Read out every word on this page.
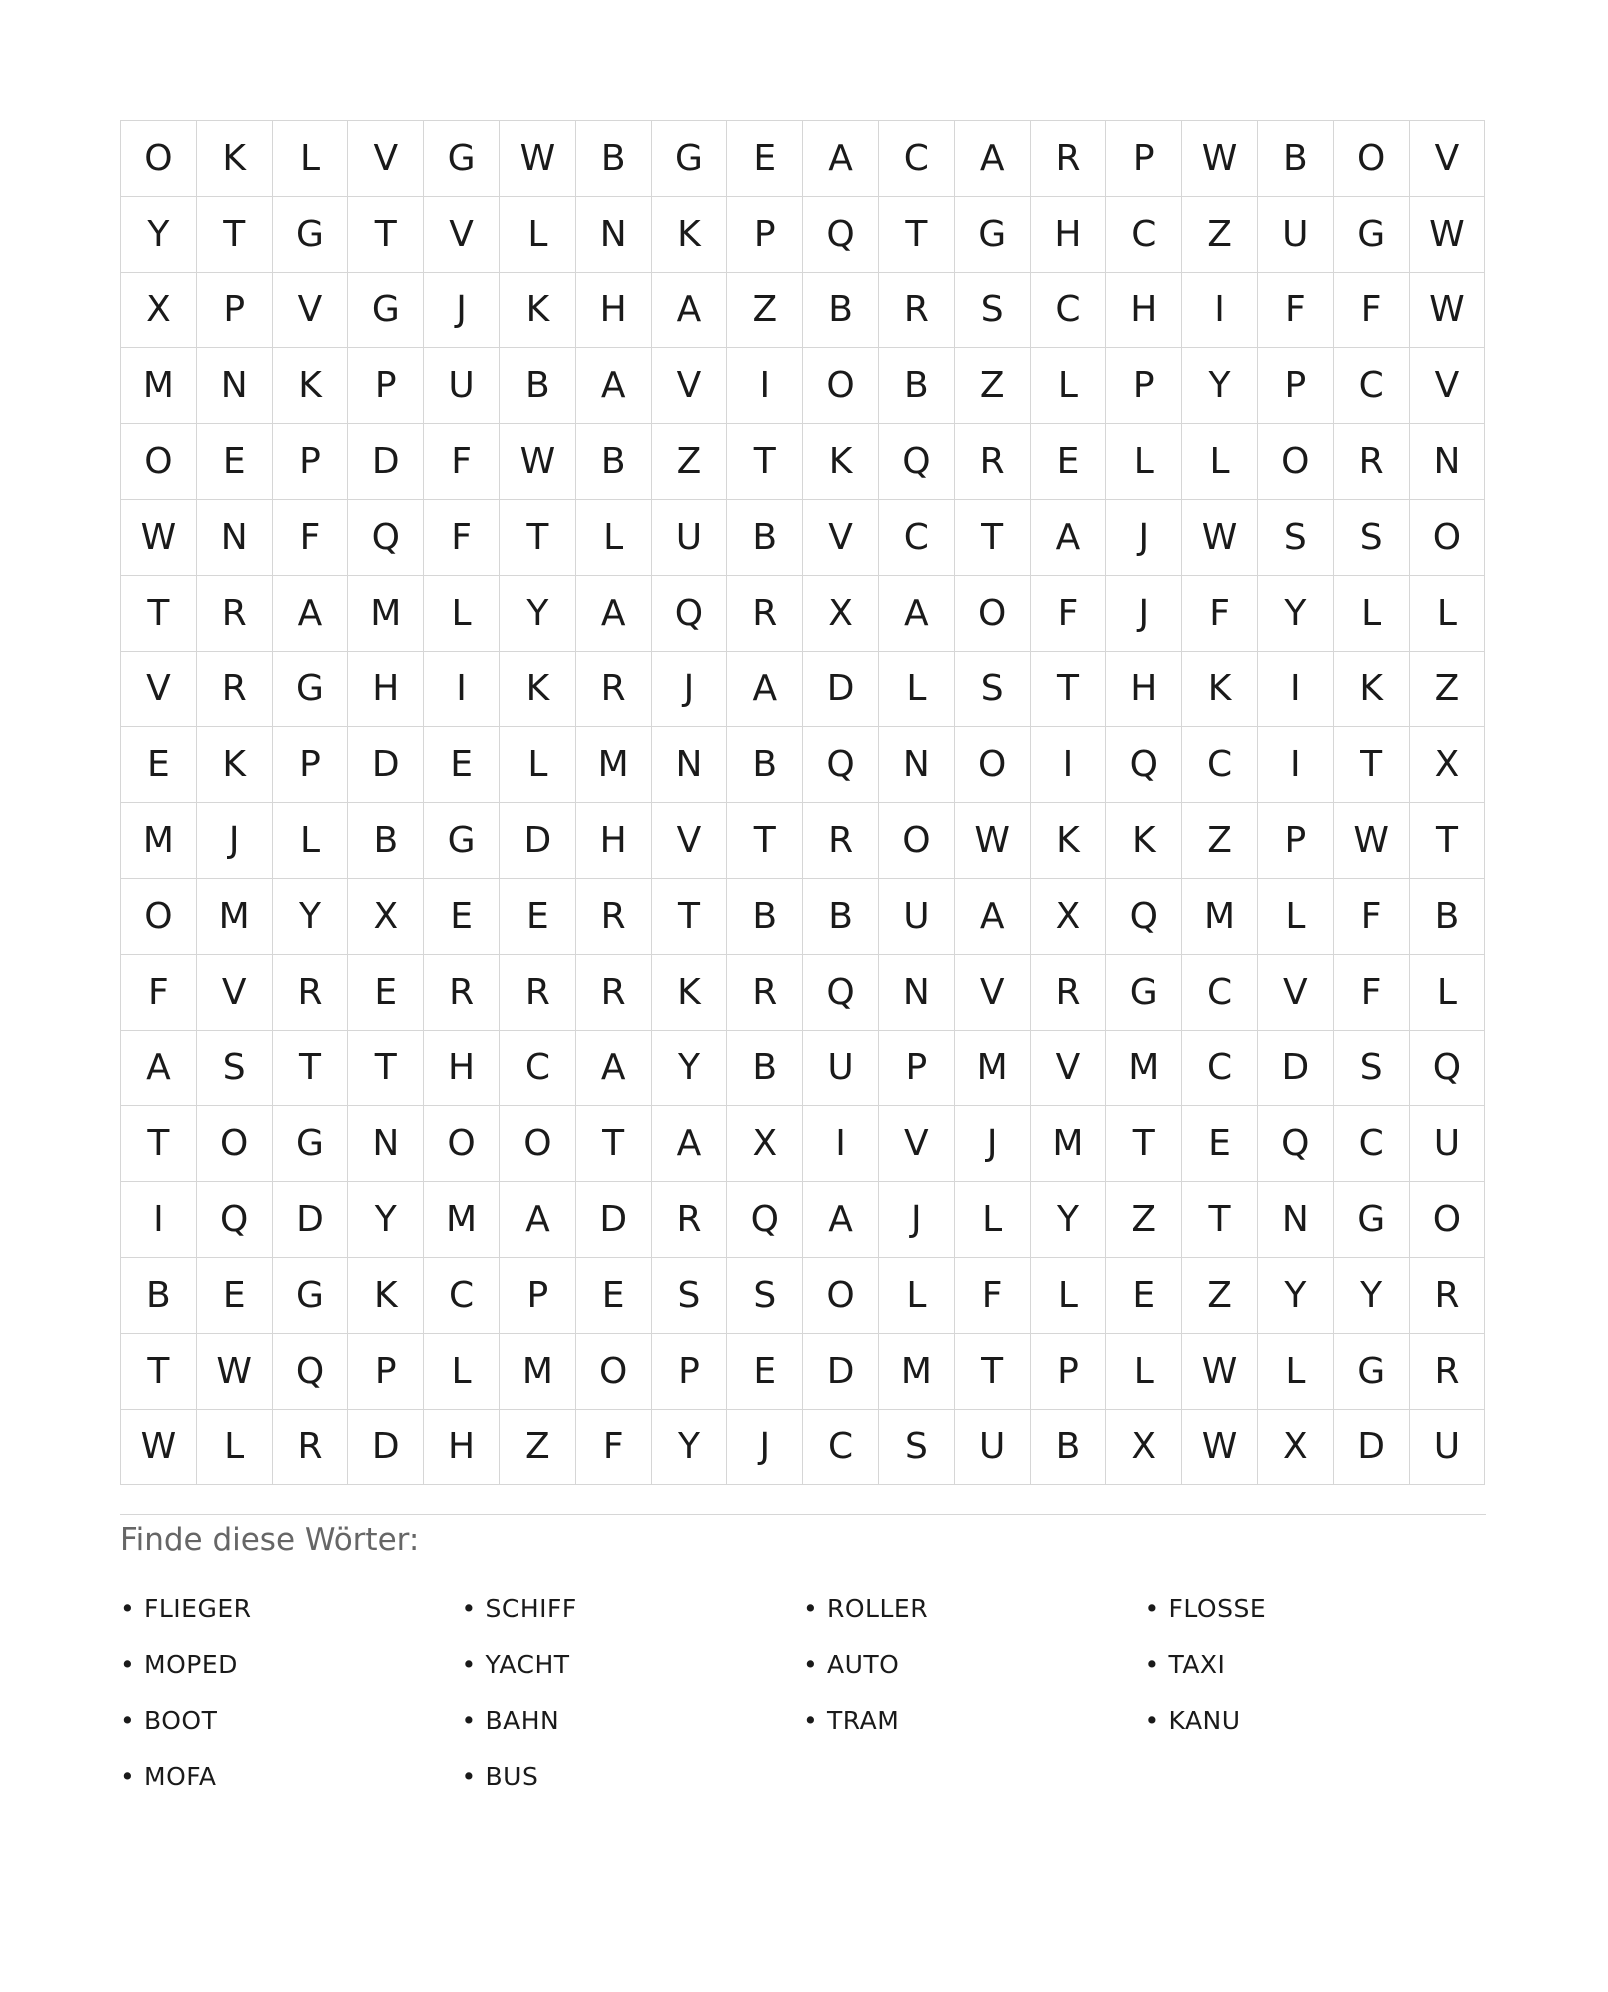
O	K	L	V	G	W	B	G	E	A	C	A	R	P	W	B	O	V
Y	T	G	T	V	L	N	K	P	Q	T	G	H	C	Z	U	G	W
X	P	V	G	J	K	H	A	Z	B	R	S	C	H	I	F	F	W
M	N	K	P	U	B	A	V	I	O	B	Z	L	P	Y	P	C	V
O	E	P	D	F	W	B	Z	T	K	Q	R	E	L	L	O	R	N
W	N	F	Q	F	T	L	U	B	V	C	T	A	J	W	S	S	O
T	R	A	M	L	Y	A	Q	R	X	A	O	F	J	F	Y	L	L
V	R	G	H	I	K	R	J	A	D	L	S	T	H	K	I	K	Z
E	K	P	D	E	L	M	N	B	Q	N	O	I	Q	C	I	T	X
M	J	L	B	G	D	H	V	T	R	O	W	K	K	Z	P	W	T
O	M	Y	X	E	E	R	T	B	B	U	A	X	Q	M	L	F	B
F	V	R	E	R	R	R	K	R	Q	N	V	R	G	C	V	F	L
A	S	T	T	H	C	A	Y	B	U	P	M	V	M	C	D	S	Q
T	O	G	N	O	O	T	A	X	I	V	J	M	T	E	Q	C	U
I	Q	D	Y	M	A	D	R	Q	A	J	L	Y	Z	T	N	G	O
B	E	G	K	C	P	E	S	S	O	L	F	L	E	Z	Y	Y	R
T	W	Q	P	L	M	O	P	E	D	M	T	P	L	W	L	G	R
W	L	R	D	H	Z	F	Y	J	C	S	U	B	X	W	X	D	U
Finde diese Wörter:
• FLIEGER	• SCHIFF	• ROLLER	• FLOSSE
• MOPED	• YACHT	• AUTO	• TAXI
• BOOT	• BAHN	• TRAM	• KANU
• MOFA	• BUS
